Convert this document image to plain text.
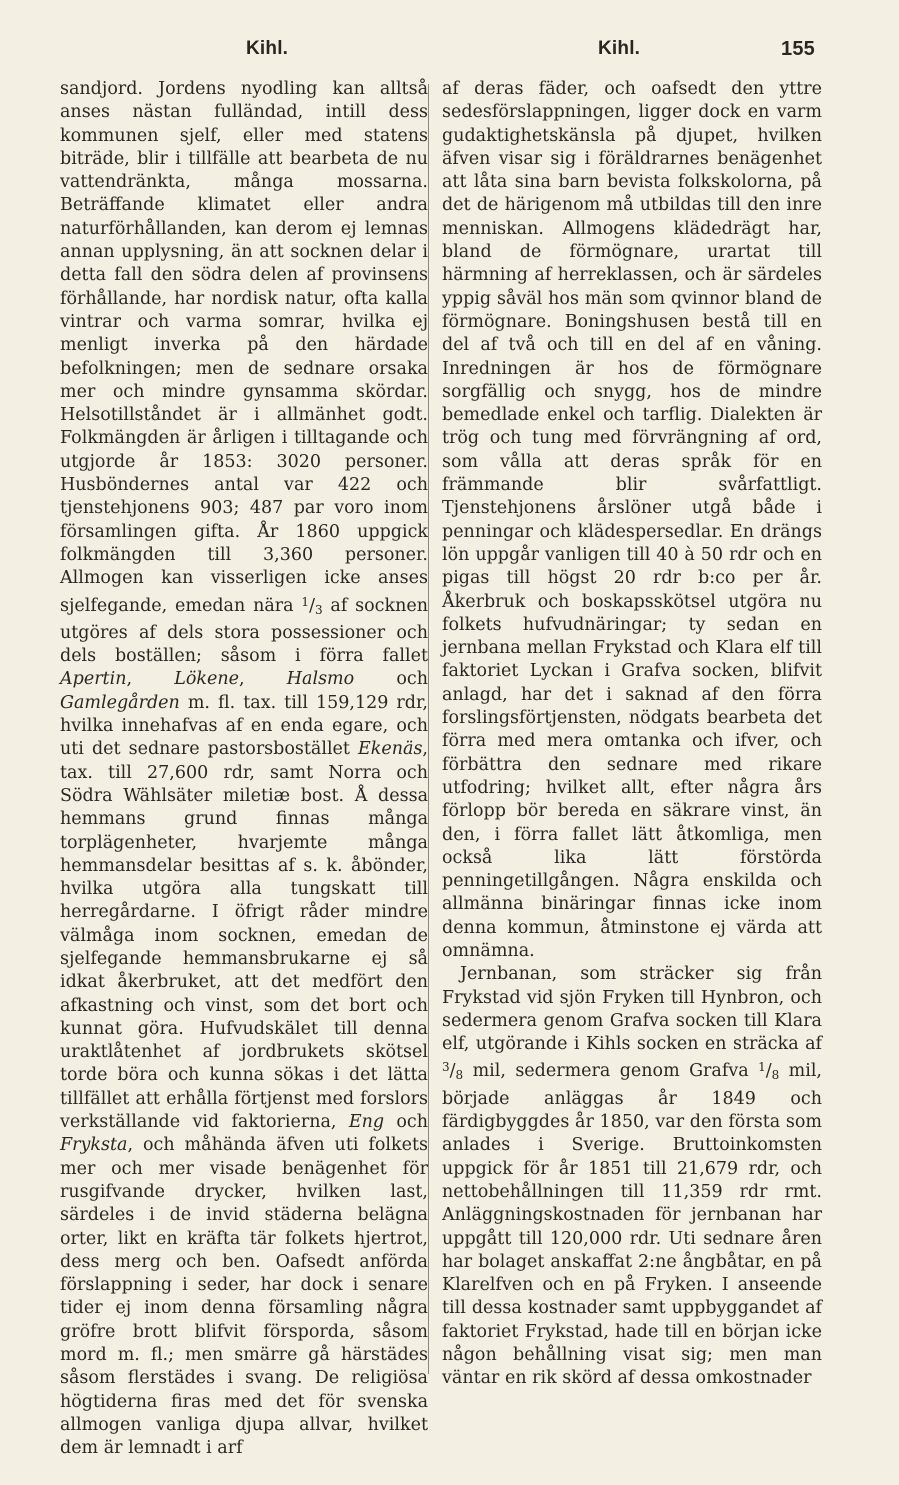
Kihl.	Kihl.	155

sandjord. Jordens nyodling kan alltså anses nästan fulländad, intill dess kommunen sjelf, eller med statens biträde, blir i tillfälle att bearbeta de nu vattendränkta, många mossarna. Beträffande klimatet eller andra naturförhållanden, kan derom ej lemnas annan upplysning, än att socknen delar i detta fall den södra delen af provinsens förhållande, har nordisk natur, ofta kalla vintrar och varma somrar, hvilka ej menligt inverka på den härdade befolkningen; men de sednare orsaka mer och mindre gynsamma skördar. Helsotillståndet är i allmänhet godt. Folkmängden är årligen i tilltagande och utgjorde år 1853: 3020 personer. Husböndernes antal var 422 och tjenstehjonens 903; 487 par voro inom församlingen gifta. År 1860 uppgick folkmängden till 3,360 personer. Allmogen kan visserligen icke anses sjelfegande, emedan nära $^1/_3$ af socknen utgöres af dels stora possessioner och dels boställen; såsom i förra fallet Apertin, Lökene, Halsmo och Gamlegården m. fl. tax. till 159,129 rdr, hvilka innehafvas af en enda egare, och uti det sednare pastorsbostället Ekenäs, tax. till 27,600 rdr, samt Norra och Södra Wählsäter miletiæ bost. Å dessa hemmans grund finnas många torplägenheter, hvarjemte många hemmansdelar besittas af s. k. åbönder, hvilka utgöra alla tungskatt till herregårdarne. I öfrigt råder mindre välmåga inom socknen, emedan de sjelfegande hemmansbrukarne ej så idkat åkerbruket, att det medfört den afkastning och vinst, som det bort och kunnat göra. Hufvudskälet till denna uraktlåtenhet af jordbrukets skötsel torde böra och kunna sökas i det lätta tillfället att erhålla förtjenst med forslors verkställande vid faktorierna, Eng och Fryksta, och måhända äfven uti folkets mer och mer visade benägenhet för rusgifvande drycker, hvilken last, särdeles i de invid städerna belägna orter, likt en kräfta tär folkets hjertrot, dess merg och ben. Oafsedt anförda förslappning i seder, har dock i senare tider ej inom denna församling några gröfre brott blifvit försporda, såsom mord m. fl.; men smärre gå härstädes såsom flerstädes i svang. De religiösa högtiderna firas med det för svenska allmogen vanliga djupa allvar, hvilket dem är lemnadt i arf

af deras fäder, och oafsedt den yttre sedesförslappningen, ligger dock en varm gudaktighetskänsla på djupet, hvilken äfven visar sig i föräldrarnes benägenhet att låta sina barn bevista folkskolorna, på det de härigenom må utbildas till den inre menniskan. Allmogens klädedrägt har, bland de förmögnare, urartat till härmning af herreklassen, och är särdeles yppig såväl hos män som qvinnor bland de förmögnare. Boningshusen bestå till en del af två och till en del af en våning. Inredningen är hos de förmögnare sorgfällig och snygg, hos de mindre bemedlade enkel och tarflig. Dialekten är trög och tung med förvrängning af ord, som vålla att deras språk för en främmande blir svårfattligt. Tjenstehjonens årslöner utgå både i penningar och klädespersedlar. En drängs lön uppgår vanligen till 40 à 50 rdr och en pigas till högst 20 rdr b:co per år. Åkerbruk och boskapsskötsel utgöra nu folkets hufvudnäringar; ty sedan en jernbana mellan Frykstad och Klara elf till faktoriet Lyckan i Grafva socken, blifvit anlagd, har det i saknad af den förra forslingsförtjensten, nödgats bearbeta det förra med mera omtanka och ifver, och förbättra den sednare med rikare utfodring; hvilket allt, efter några års förlopp bör bereda en säkrare vinst, än den, i förra fallet lätt åtkomliga, men också lika lätt förstörda penningetillgången. Några enskilda och allmänna binäringar finnas icke inom denna kommun, åtminstone ej värda att omnämna.

Jernbanan, som sträcker sig från Frykstad vid sjön Fryken till Hynbron, och sedermera genom Grafva socken till Klara elf, utgörande i Kihls socken en sträcka af $^3/_8$ mil, sedermera genom Grafva $^1/_8$ mil, började anläggas år 1849 och färdigbyggdes år 1850, var den första som anlades i Sverige. Bruttoinkomsten uppgick för år 1851 till 21,679 rdr, och nettobehållningen till 11,359 rdr rmt. Anläggningskostnaden för jernbanan har uppgått till 120,000 rdr. Uti sednare åren har bolaget anskaffat 2:ne ångbåtar, en på Klarelfven och en på Fryken. I anseende till dessa kostnader samt uppbyggandet af faktoriet Frykstad, hade till en början icke någon behållning visat sig; men man väntar en rik skörd af dessa omkostnader
